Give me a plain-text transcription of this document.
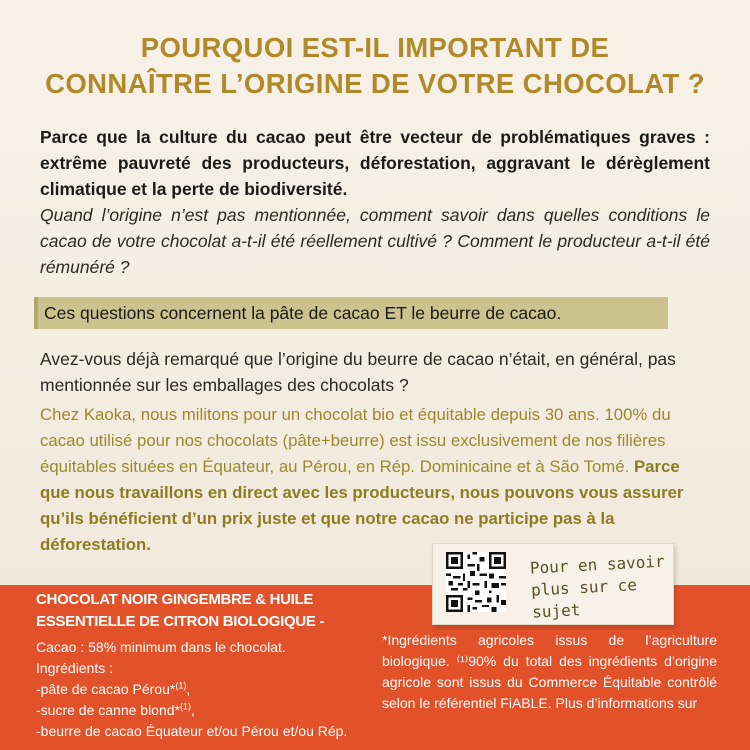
POURQUOI EST-IL IMPORTANT DE
CONNAÎTRE L’ORIGINE DE VOTRE CHOCOLAT ?

Parce que la culture du cacao peut être vecteur de problématiques graves : extrême pauvreté des producteurs, déforestation, aggravant le dérèglement climatique et la perte de biodiversité.

Quand l’origine n’est pas mentionnée, comment savoir dans quelles conditions le cacao de votre chocolat a-t-il été réellement cultivé ? Comment le producteur a-t-il été rémunéré ?

Ces questions concernent la pâte de cacao ET le beurre de cacao.

Avez-vous déjà remarqué que l’origine du beurre de cacao n’était, en général, pas mentionnée sur les emballages des chocolats ?

Chez Kaoka, nous militons pour un chocolat bio et équitable depuis 30 ans. 100% du cacao utilisé pour nos chocolats (pâte+beurre) est issu exclusivement de nos filières équitables situées en Équateur, au Pérou, en Rép. Dominicaine et à São Tomé. Parce que nous travaillons en direct avec les producteurs, nous pouvons vous assurer qu’ils bénéficient d’un prix juste et que notre cacao ne participe pas à la déforestation.

CHOCOLAT NOIR GINGEMBRE & HUILE
ESSENTIELLE DE CITRON BIOLOGIQUE -
Cacao : 58% minimum dans le chocolat.
Ingrédients :
-pâte de cacao Pérou*$^{(1)}$,
-sucre de canne blond*$^{(1)}$,
-beurre de cacao Équateur et/ou Pérou et/ou Rép.

*Ingrédients agricoles issus de l’agriculture biologique. ⁽¹⁾90% du total des ingrédients d’origine agricole sont issus du Commerce Équitable contrôlé selon le référentiel FiABLE. Plus d’informations sur

Pour en savoir plus sur ce sujet
